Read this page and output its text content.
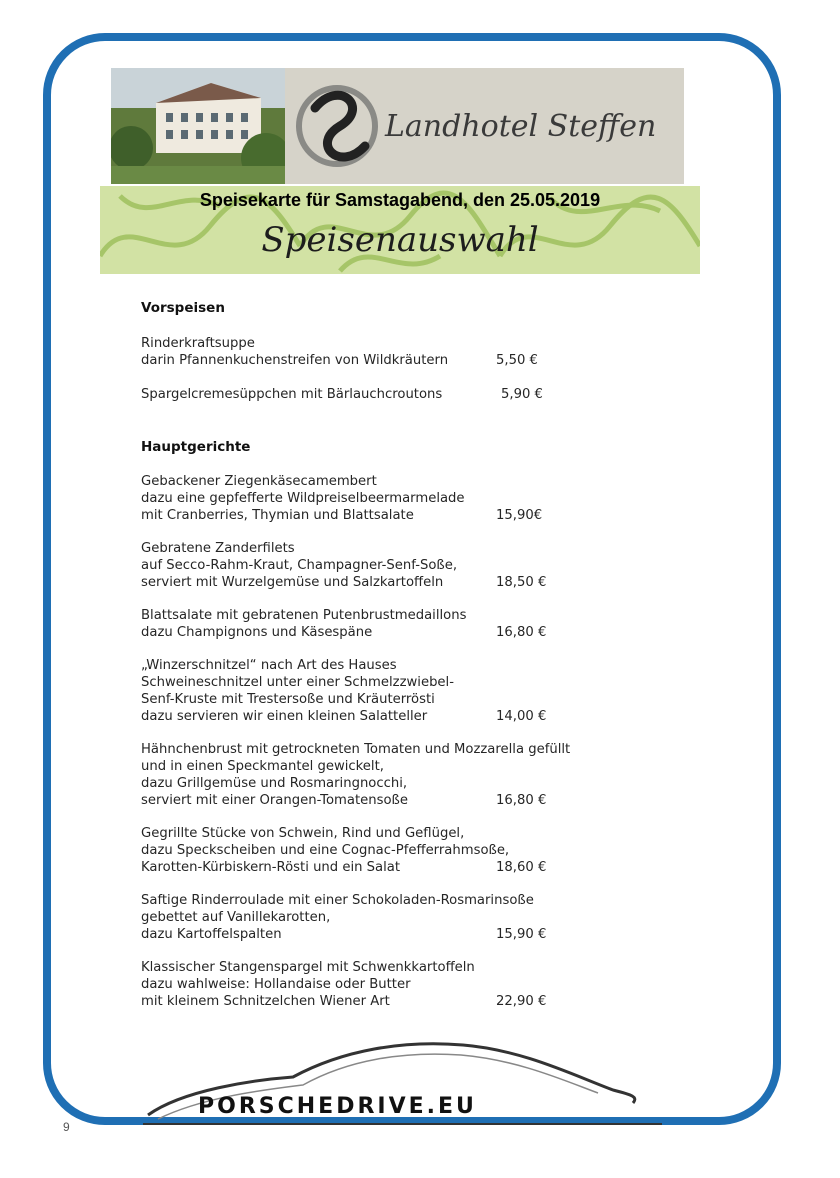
Landhotel Steffen
Speisekarte für Samstagabend, den 25.05.2019
Speisenauswahl

Vorspeisen

Rinderkraftsuppe
darin Pfannenkuchenstreifen von Wildkräutern	5,50 €
Spargelcremesüppchen mit Bärlauchcroutons	5,90 €

Hauptgerichte

Gebackener Ziegenkäsecamembert
dazu eine gepfefferte Wildpreiselbeermarmelade
mit Cranberries, Thymian und Blattsalate	15,90€
Gebratene Zanderfilets
auf Secco-Rahm-Kraut, Champagner-Senf-Soße,
serviert mit Wurzelgemüse und Salzkartoffeln	18,50 €
Blattsalate mit gebratenen Putenbrustmedaillons
dazu Champignons und Käsespäne	16,80 €
„Winzerschnitzel“ nach Art des Hauses
Schweineschnitzel unter einer Schmelzzwiebel-
Senf-Kruste mit Trestersoße und Kräuterrösti
dazu servieren wir einen kleinen Salatteller	14,00 €
Hähnchenbrust mit getrockneten Tomaten und Mozzarella gefüllt
und in einen Speckmantel gewickelt,
dazu Grillgemüse und Rosmaringnocchi,
serviert mit einer Orangen-Tomatensoße	16,80 €
Gegrillte Stücke von Schwein, Rind und Geflügel,
dazu Speckscheiben und eine Cognac-Pfefferrahmsoße,
Karotten-Kürbiskern-Rösti und ein Salat	18,60 €
Saftige Rinderroulade mit einer Schokoladen-Rosmarinsoße
gebettet auf Vanillekarotten,
dazu Kartoffelspalten	15,90 €
Klassischer Stangenspargel mit Schwenkkartoffeln
dazu wahlweise: Hollandaise oder Butter
mit kleinem Schnitzelchen Wiener Art	22,90 €
PORSCHEDRIVE.EU
9
